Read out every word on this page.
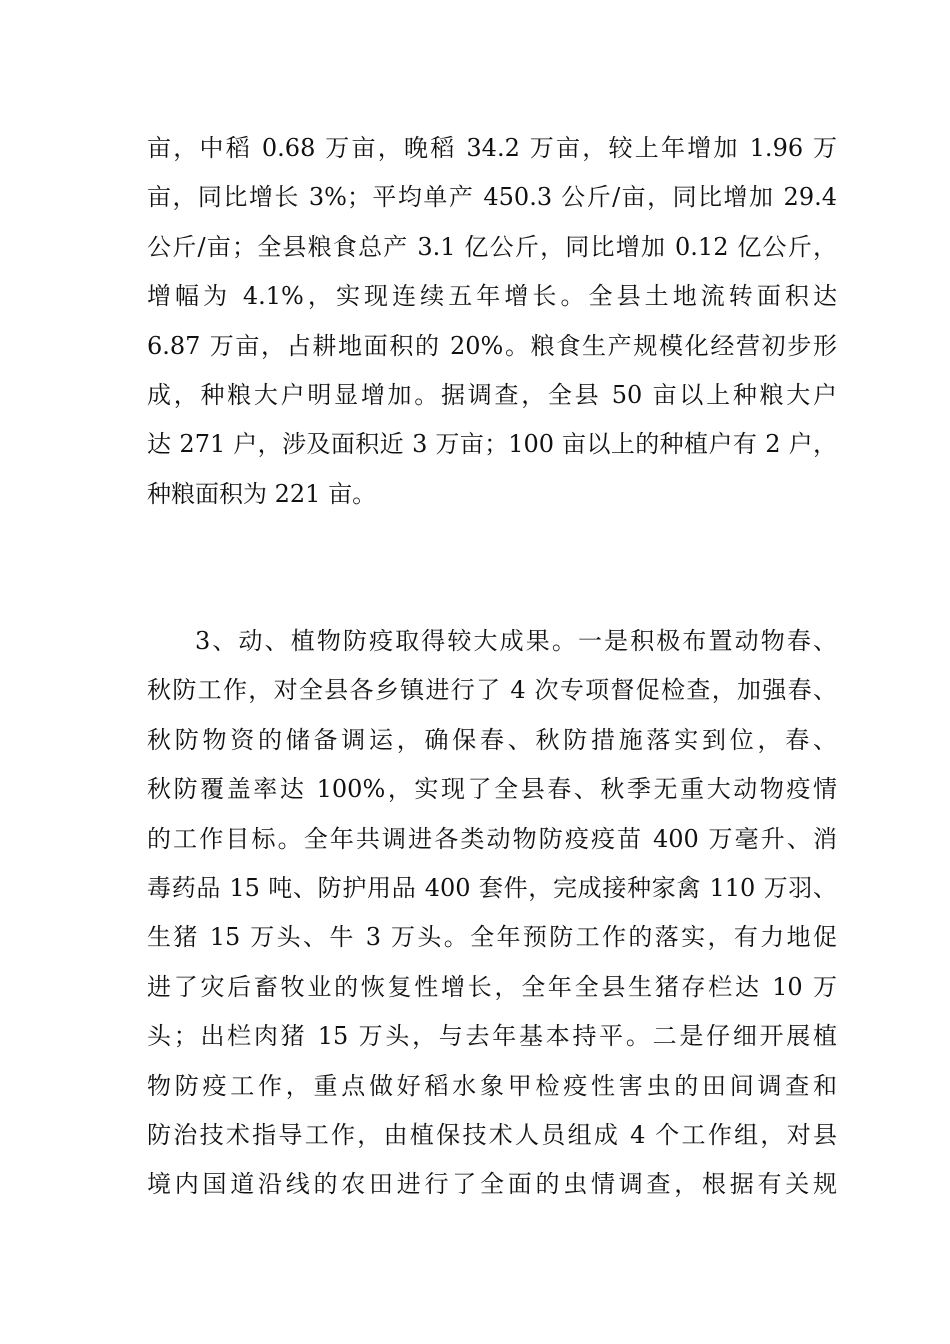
亩，中稻 0.68 万亩，晚稻 34.2 万亩，较上年增加 1.96 万
亩，同比增长 3%；平均单产 450.3 公斤/亩，同比增加 29.4
公斤/亩；全县粮食总产 3.1 亿公斤，同比增加 0.12 亿公斤，
增幅为 4.1%，实现连续五年增长。全县土地流转面积达
6.87 万亩，占耕地面积的 20%。粮食生产规模化经营初步形
成，种粮大户明显增加。据调查，全县 50 亩以上种粮大户
达 271 户，涉及面积近 3 万亩；100 亩以上的种植户有 2 户，
种粮面积为 221 亩。
3、动、植物防疫取得较大成果。一是积极布置动物春、
秋防工作，对全县各乡镇进行了 4 次专项督促检查，加强春、
秋防物资的储备调运，确保春、秋防措施落实到位，春、
秋防覆盖率达 100%，实现了全县春、秋季无重大动物疫情
的工作目标。全年共调进各类动物防疫疫苗 400 万毫升、消
毒药品 15 吨、防护用品 400 套件，完成接种家禽 110 万羽、
生猪 15 万头、牛 3 万头。全年预防工作的落实，有力地促
进了灾后畜牧业的恢复性增长，全年全县生猪存栏达 10 万
头；出栏肉猪 15 万头，与去年基本持平。二是仔细开展植
物防疫工作，重点做好稻水象甲检疫性害虫的田间调查和
防治技术指导工作，由植保技术人员组成 4 个工作组，对县
境内国道沿线的农田进行了全面的虫情调查，根据有关规
